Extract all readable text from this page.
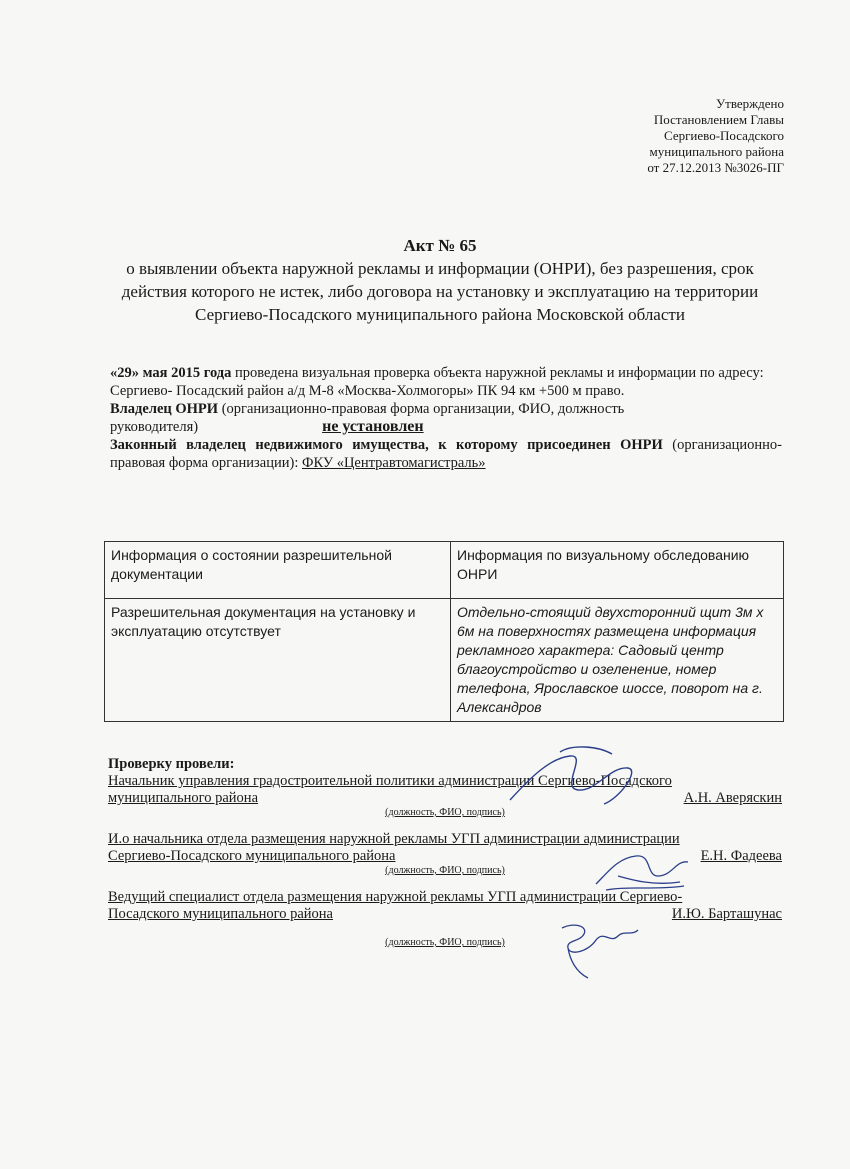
Утверждено
Постановлением Главы
Сергиево-Посадского
муниципального района
от 27.12.2013 №3026-ПГ
Акт № 65
о выявлении объекта наружной рекламы и информации (ОНРИ), без разрешения, срок действия которого не истек, либо договора на установку и эксплуатацию на территории Сергиево-Посадского муниципального района Московской области

«29» мая 2015 года проведена визуальная проверка объекта наружной рекламы и информации по адресу: Сергиево- Посадский район а/д М-8 «Москва-Холмогоры» ПК 94 км +500 м право.

Владелец ОНРИ (организационно-правовая форма организации, ФИО, должность руководителя)	не установлен

Законный владелец недвижимого имущества, к которому присоединен ОНРИ (организационно-правовая форма организации): ФКУ «Центравтомагистраль»

Информация о состоянии разрешительной документации	Информация по визуальному обследованию ОНРИ
Разрешительная документация на установку и эксплуатацию отсутствует	Отдельно-стоящий двухсторонний щит 3м х 6м на поверхностях размещена информация рекламного характера: Садовый центр благоустройство и озеленение, номер телефона, Ярославское шоссе, поворот на г. Александров
Проверку провели:
Начальник управления градостроительной политики администрации Сергиево-Посадского
муниципального района	А.Н. Аверяскин
(должность, ФИО, подпись)
И.о начальника отдела размещения наружной рекламы УГП администрации администрации
Сергиево-Посадского муниципального района	Е.Н. Фадеева
(должность, ФИО, подпись)
Ведущий специалист отдела размещения наружной рекламы УГП администрации Сергиево-
Посадского муниципального района	И.Ю. Барташунас
(должность, ФИО, подпись)
